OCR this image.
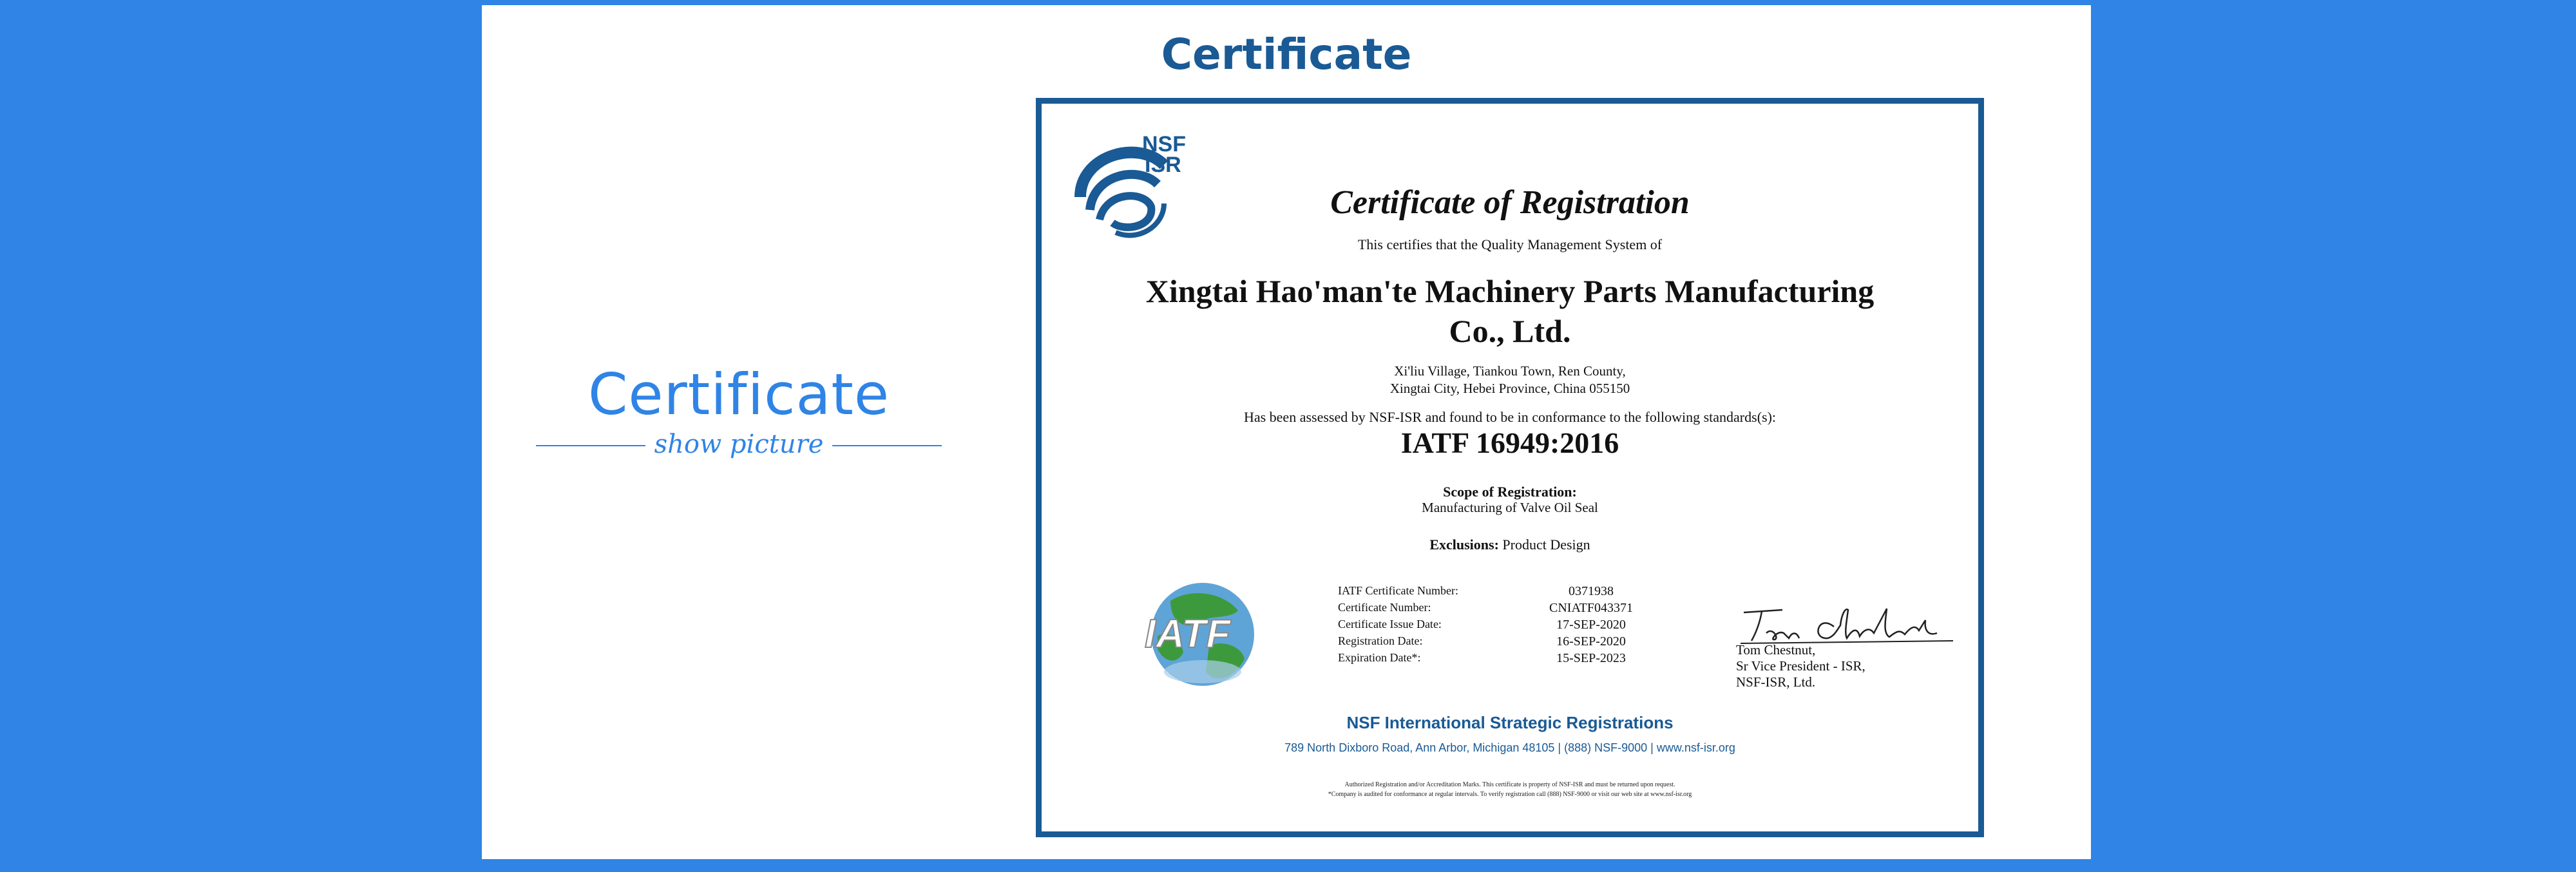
Certificate
Certificate
show picture
NSF
ISR
Certificate of Registration
This certifies that the Quality Management System of
Xingtai Hao'man'te Machinery Parts Manufacturing
Co., Ltd.
Xi'liu Village, Tiankou Town, Ren County,
Xingtai City, Hebei Province, China 055150
Has been assessed by NSF-ISR and found to be in conformance to the following standards(s):
IATF 16949:2016
Scope of Registration:
Manufacturing of Valve Oil Seal
Exclusions: Product Design
IATF
IATF Certificate Number:	0371938
Certificate Number:	CNIATF043371
Certificate Issue Date:	17-SEP-2020
Registration Date:	16-SEP-2020
Expiration Date*:	15-SEP-2023
Tom Chestnut,
Sr Vice President - ISR,
NSF-ISR, Ltd.
NSF International Strategic Registrations
789 North Dixboro Road, Ann Arbor, Michigan 48105 | (888) NSF-9000 | www.nsf-isr.org
Authorized Registration and/or Accreditation Marks. This certificate is property of NSF-ISR and must be returned upon request.
*Company is audited for conformance at regular intervals. To verify registration call (888) NSF-9000 or visit our web site at www.nsf-isr.org
